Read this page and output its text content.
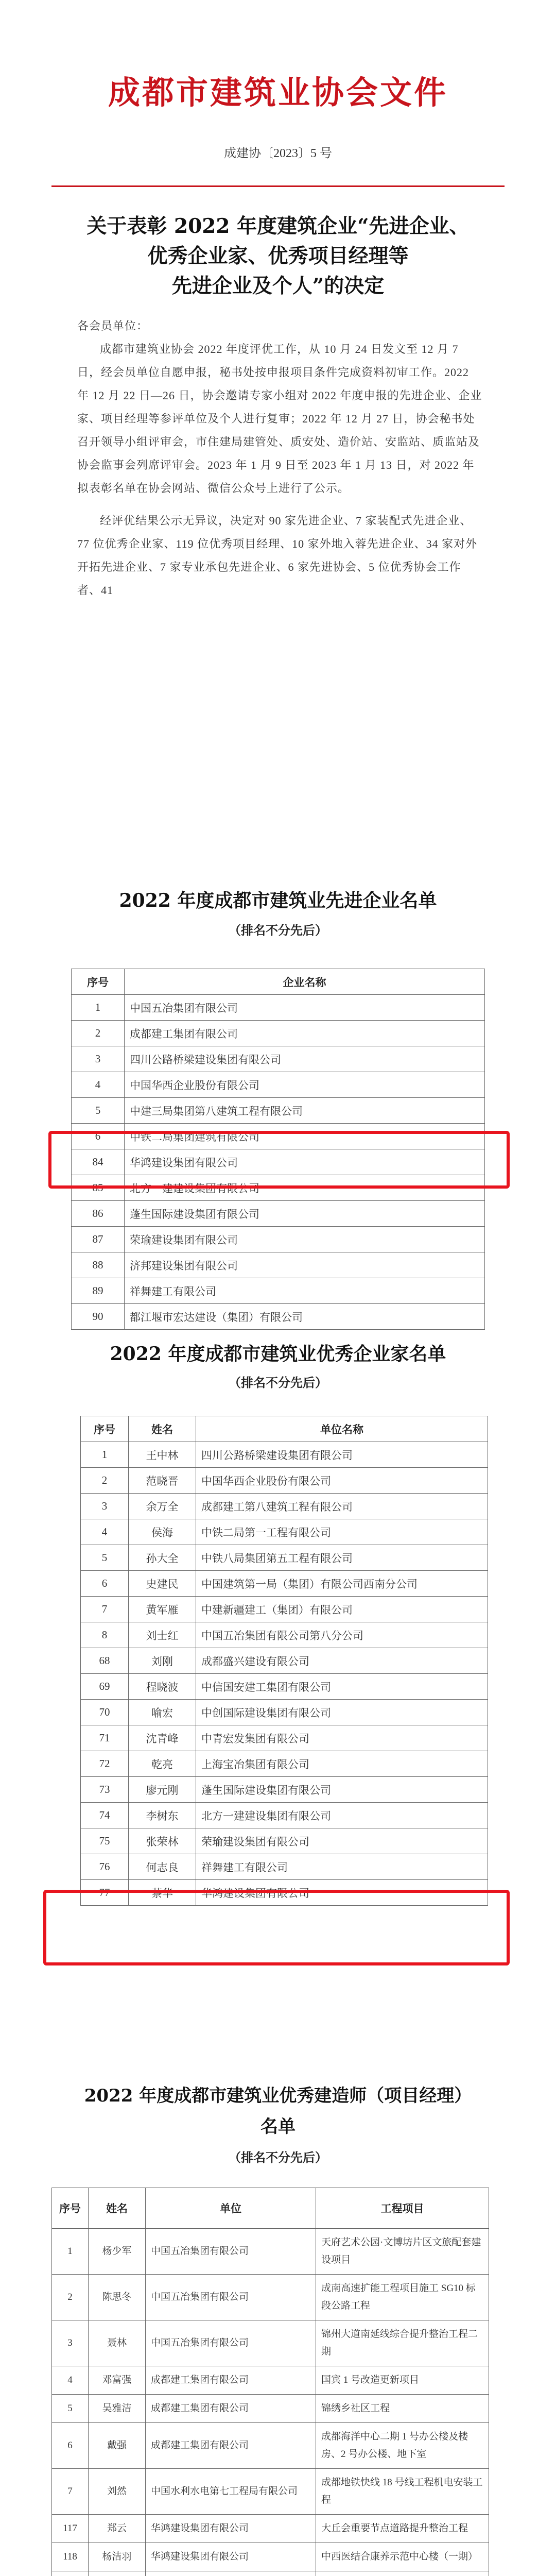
成都市建筑业协会文件
成建协〔2023〕5 号
关于表彰 2022 年度建筑企业“先进企业、
优秀企业家、优秀项目经理等
先进企业及个人”的决定
各会员单位：

成都市建筑业协会 2022 年度评优工作，从 10 月 24 日发文至 12 月 7 日，经会员单位自愿申报，秘书处按申报项目条件完成资料初审工作。2022 年 12 月 22 日—26 日，协会邀请专家小组对 2022 年度申报的先进企业、企业家、项目经理等参评单位及个人进行复审；2022 年 12 月 27 日，协会秘书处召开领导小组评审会，市住建局建管处、质安处、造价站、安监站、质监站及协会监事会列席评审会。2023 年 1 月 9 日至 2023 年 1 月 13 日，对 2022 年拟表彰名单在协会网站、微信公众号上进行了公示。

经评优结果公示无异议，决定对 90 家先进企业、7 家装配式先进企业、77 位优秀企业家、119 位优秀项目经理、10 家外地入蓉先进企业、34 家对外开拓先进企业、7 家专业承包先进企业、6 家先进协会、5 位优秀协会工作者、41

2022 年度成都市建筑业先进企业名单
（排名不分先后）
序号	企业名称
1	中国五冶集团有限公司
2	成都建工集团有限公司
3	四川公路桥梁建设集团有限公司
4	中国华西企业股份有限公司
5	中建三局集团第八建筑工程有限公司
6	中铁二局集团建筑有限公司
84	华鸿建设集团有限公司
85	北方一建建设集团有限公司
86	蓬生国际建设集团有限公司
87	荣瑜建设集团有限公司
88	济邦建设集团有限公司
89	祥舞建工有限公司
90	都江堰市宏达建设（集团）有限公司
2022 年度成都市建筑业优秀企业家名单
（排名不分先后）
序号	姓名	单位名称
1	王中林	四川公路桥梁建设集团有限公司
2	范晓晋	中国华西企业股份有限公司
3	余万全	成都建工第八建筑工程有限公司
4	侯海	中铁二局第一工程有限公司
5	孙大全	中铁八局集团第五工程有限公司
6	史建民	中国建筑第一局（集团）有限公司西南分公司
7	黄军雁	中建新疆建工（集团）有限公司
8	刘士红	中国五冶集团有限公司第八分公司
68	刘刚	成都盛兴建设有限公司
69	程晓波	中信国安建工集团有限公司
70	喻宏	中创国际建设集团有限公司
71	沈青峰	中青宏发集团有限公司
72	乾亮	上海宝冶集团有限公司
73	廖元刚	蓬生国际建设集团有限公司
74	李树东	北方一建建设集团有限公司
75	张荣林	荣瑜建设集团有限公司
76	何志良	祥舞建工有限公司
77	蔡华	华鸿建设集团有限公司
2022 年度成都市建筑业优秀建造师（项目经理）
名单
（排名不分先后）
序号	姓名	单位	工程项目
1	杨少军	中国五冶集团有限公司	天府艺术公园·文博坊片区文旅配套建设项目
2	陈思冬	中国五冶集团有限公司	成南高速扩能工程项目施工 SG10 标段公路工程
3	聂林	中国五冶集团有限公司	锦州大道南延线综合提升整治工程二期
4	邓富强	成都建工集团有限公司	国宾 1 号改造更新项目
5	吴雅洁	成都建工集团有限公司	锦绣乡社区工程
6	戴强	成都建工集团有限公司	成都海洋中心二期 1 号办公楼及楼房、2 号办公楼、地下室
7	刘然	中国水利水电第七工程局有限公司	成都地铁快线 18 号线工程机电安装工程
117	郑云	华鸿建设集团有限公司	大丘会重要节点道路提升整治工程
118	杨洁羽	华鸿建设集团有限公司	中西医结合康养示范中心楼（一期）
